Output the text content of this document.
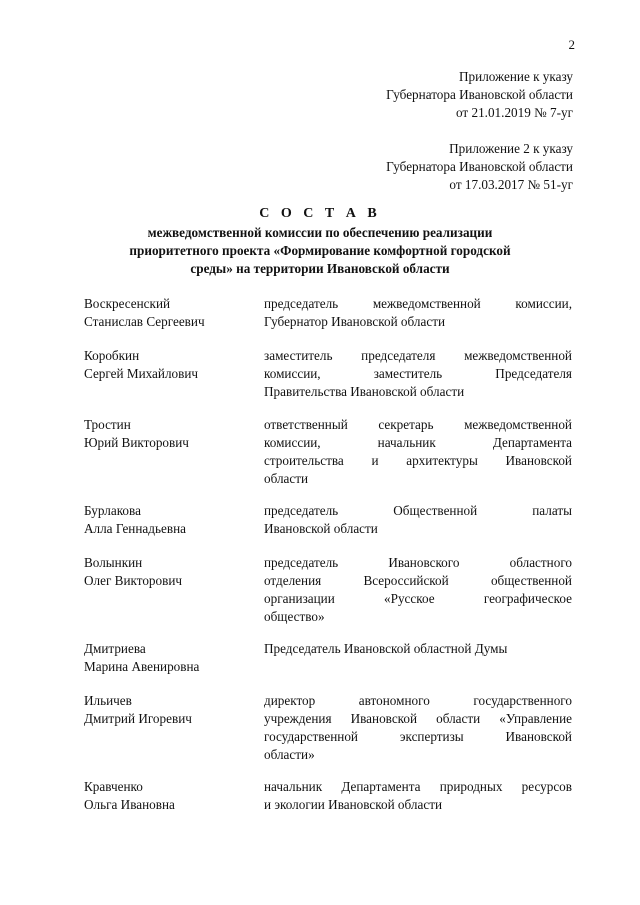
2
Приложение к указу
Губернатора Ивановской области
от 21.01.2019 № 7-уг
Приложение 2 к указу
Губернатора Ивановской области
от 17.03.2017 № 51-уг
С О С Т А В
межведомственной комиссии по обеспечению реализации
приоритетного проекта «Формирование комфортной городской
среды» на территории Ивановской области
Воскресенский
Станислав Сергеевич
председатель межведомственной комиссии,
Губернатор Ивановской области
Коробкин
Сергей Михайлович
заместитель председателя межведомственной
комиссии, заместитель Председателя
Правительства Ивановской области
Тростин
Юрий Викторович
ответственный секретарь межведомственной
комиссии, начальник Департамента
строительства и архитектуры Ивановской
области
Бурлакова
Алла Геннадьевна
председатель Общественной палаты
Ивановской области
Волынкин
Олег Викторович
председатель Ивановского областного
отделения Всероссийской общественной
организации «Русское географическое
общество»
Дмитриева
Марина Авенировна
Председатель Ивановской областной Думы
Ильичев
Дмитрий Игоревич
директор автономного государственного
учреждения Ивановской области «Управление
государственной экспертизы Ивановской
области»
Кравченко
Ольга Ивановна
начальник Департамента природных ресурсов
и экологии Ивановской области
